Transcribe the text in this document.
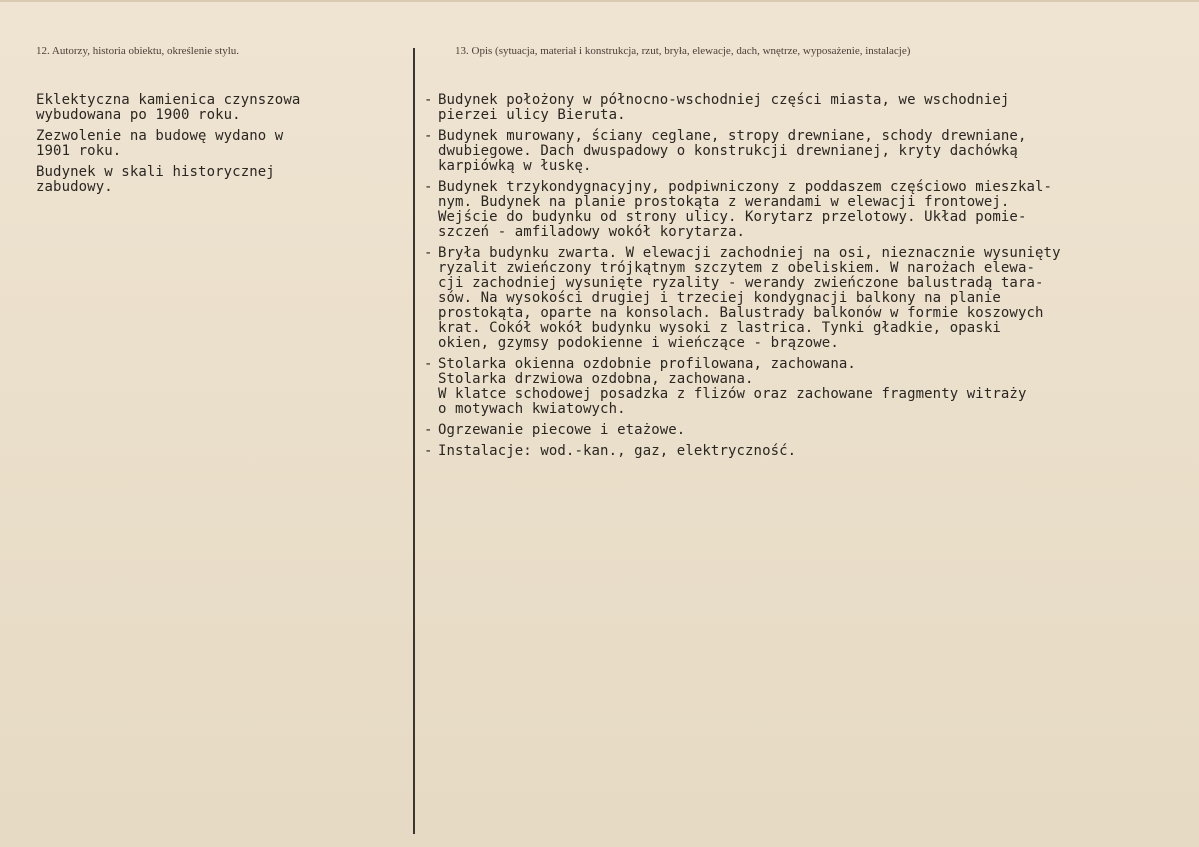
12. Autorzy, historia obiektu, określenie stylu.	13. Opis (sytuacja, materiał i konstrukcja, rzut, bryła, elewacje, dach, wnętrze, wyposażenie, instalacje)

Eklektyczna kamienica czynszowa
wybudowana po 1900 roku.

Zezwolenie na budowę wydano w
1901 roku.

Budynek w skali historycznej
zabudowy.

- Budynek położony w północno-wschodniej części miasta, we wschodniej
pierzei ulicy Bieruta.
- Budynek murowany, ściany ceglane, stropy drewniane, schody drewniane,
dwubiegowe. Dach dwuspadowy o konstrukcji drewnianej, kryty dachówką
karpiówką w łuskę.
- Budynek trzykondygnacyjny, podpiwniczony z poddaszem częściowo mieszkal-
nym. Budynek na planie prostokąta z werandami w elewacji frontowej.
Wejście do budynku od strony ulicy. Korytarz przelotowy. Układ pomie-
szczeń - amfiladowy wokół korytarza.
- Bryła budynku zwarta. W elewacji zachodniej na osi, nieznacznie wysunięty
ryzalit zwieńczony trójkątnym szczytem z obeliskiem. W narożach elewa-
cji zachodniej wysunięte ryzality - werandy zwieńczone balustradą tara-
sów. Na wysokości drugiej i trzeciej kondygnacji balkony na planie
prostokąta, oparte na konsolach. Balustrady balkonów w formie koszowych
krat. Cokół wokół budynku wysoki z lastrica. Tynki gładkie, opaski
okien, gzymsy podokienne i wieńczące - brązowe.
- Stolarka okienna ozdobnie profilowana, zachowana.
Stolarka drzwiowa ozdobna, zachowana.
W klatce schodowej posadzka z flizów oraz zachowane fragmenty witraży
o motywach kwiatowych.
- Ogrzewanie piecowe i etażowe.
- Instalacje: wod.-kan., gaz, elektryczność.
